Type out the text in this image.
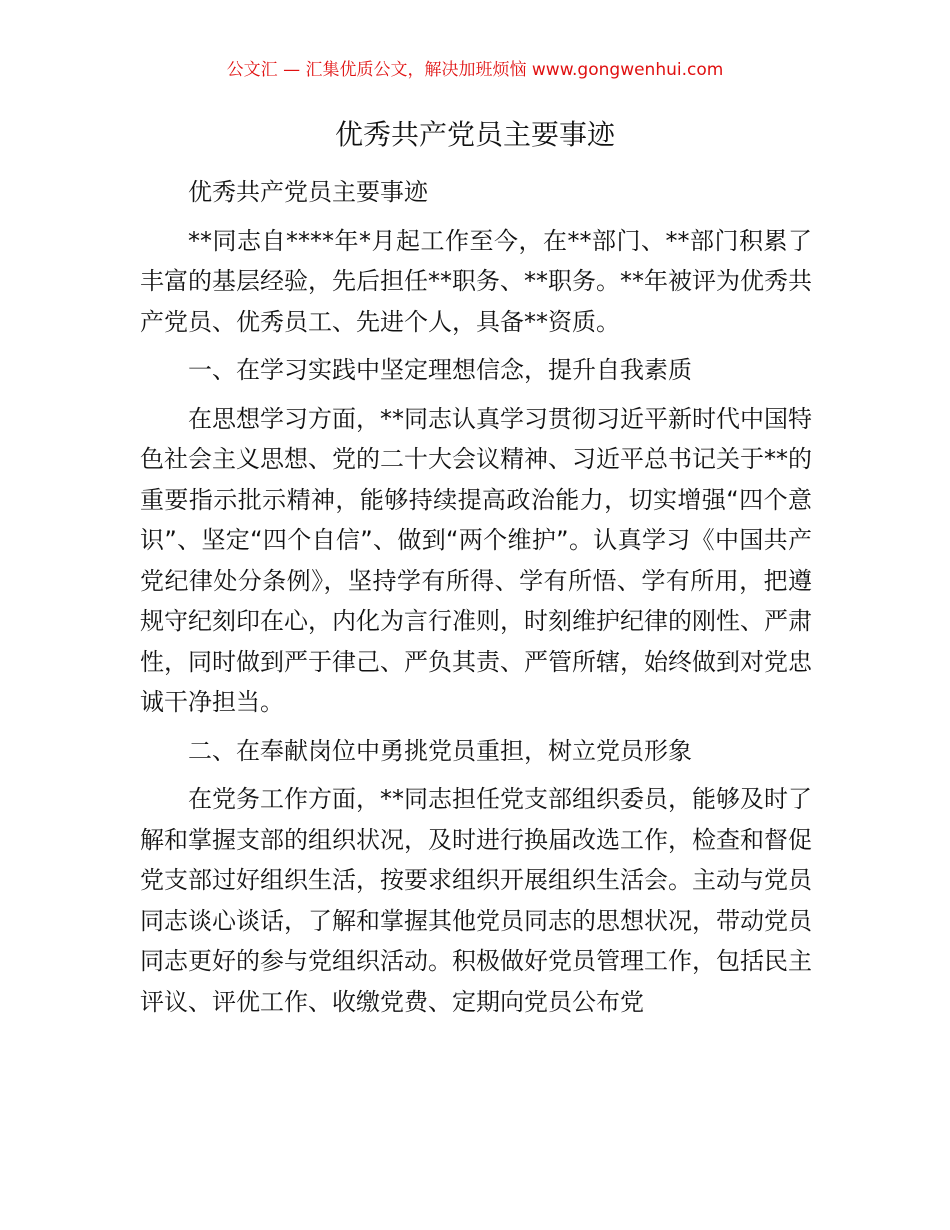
公文汇 — 汇集优质公文，解决加班烦恼 www.gongwenhui.com
优秀共产党员主要事迹

优秀共产党员主要事迹

**同志自****年*月起工作至今，在**部门、**部门积累了丰富的基层经验，先后担任**职务、**职务。**年被评为优秀共产党员、优秀员工、先进个人，具备**资质。

一、在学习实践中坚定理想信念，提升自我素质

在思想学习方面，**同志认真学习贯彻习近平新时代中国特色社会主义思想、党的二十大会议精神、习近平总书记关于**的重要指示批示精神，能够持续提高政治能力，切实增强“四个意识”、坚定“四个自信”、做到“两个维护”。认真学习《中国共产党纪律处分条例》，坚持学有所得、学有所悟、学有所用，把遵规守纪刻印在心，内化为言行准则，时刻维护纪律的刚性、严肃性，同时做到严于律己、严负其责、严管所辖，始终做到对党忠诚干净担当。

二、在奉献岗位中勇挑党员重担，树立党员形象

在党务工作方面，**同志担任党支部组织委员，能够及时了解和掌握支部的组织状况，及时进行换届改选工作，检查和督促党支部过好组织生活，按要求组织开展组织生活会。主动与党员同志谈心谈话，了解和掌握其他党员同志的思想状况，带动党员同志更好的参与党组织活动。积极做好党员管理工作，包括民主评议、评优工作、收缴党费、定期向党员公布党
